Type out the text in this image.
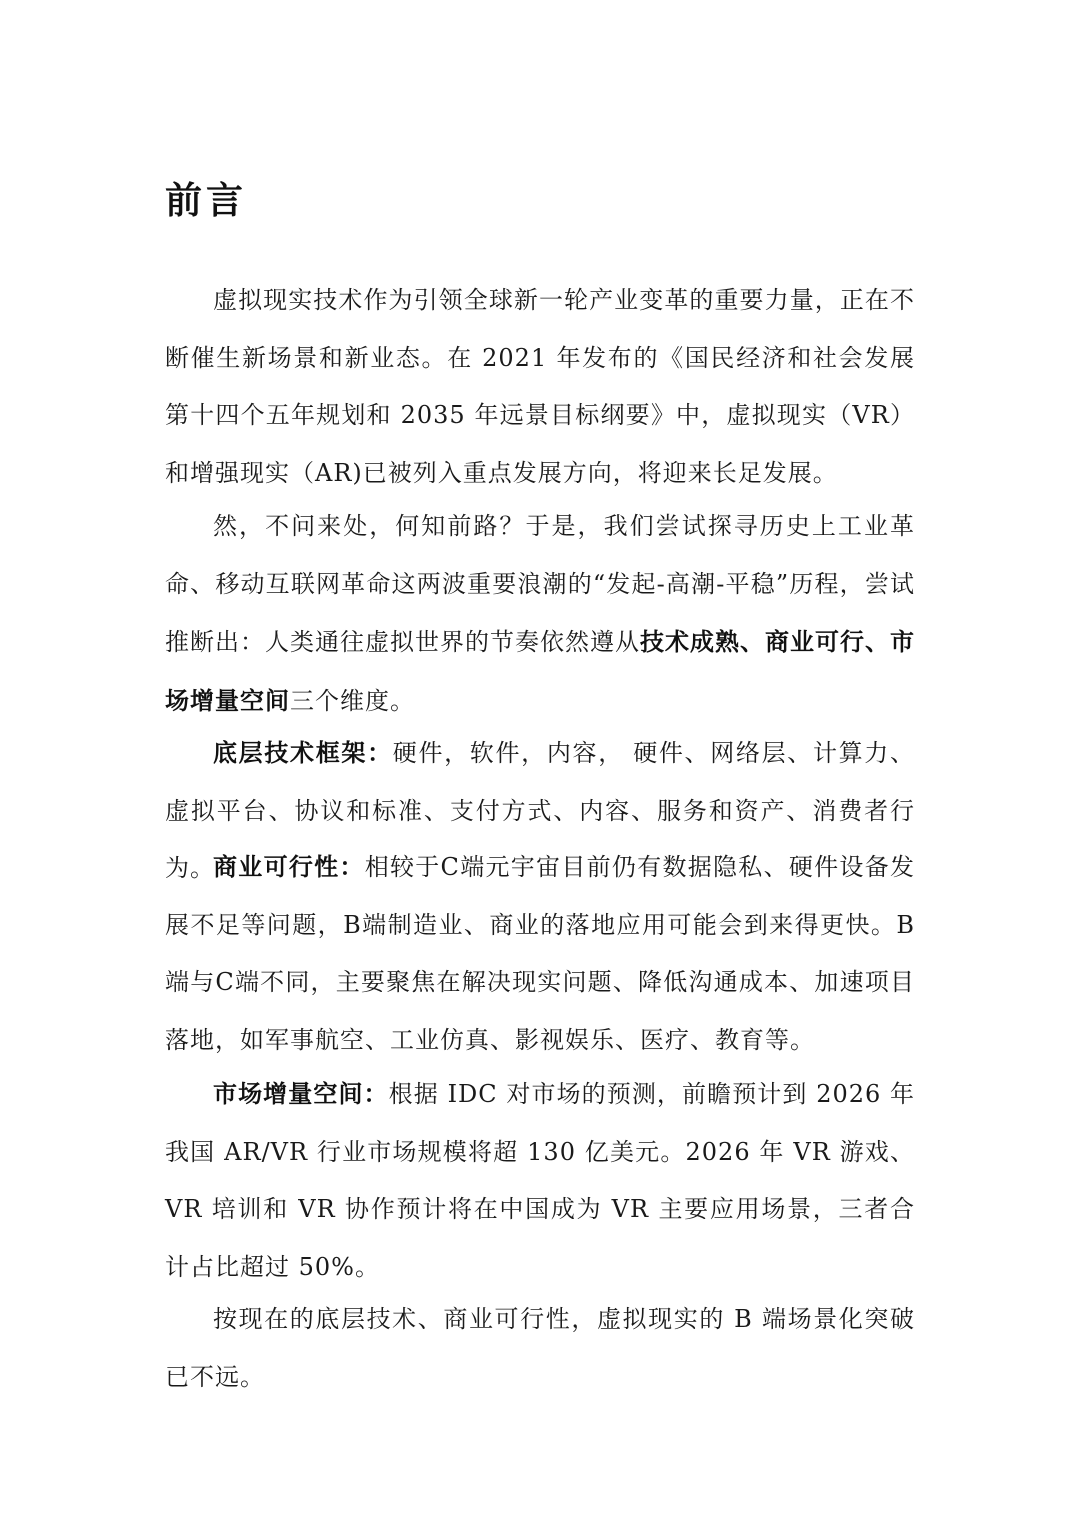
前言

虚拟现实技术作为引领全球新一轮产业变革的重要力量，正在不断催生新场景和新业态。在 2021 年发布的《国民经济和社会发展第十四个五年规划和 2035 年远景目标纲要》中，虚拟现实（VR）和增强现实（AR)已被列入重点发展方向，将迎来长足发展。

然，不问来处，何知前路？于是，我们尝试探寻历史上工业革命、移动互联网革命这两波重要浪潮的“发起-高潮-平稳”历程，尝试推断出：人类通往虚拟世界的节奏依然遵从技术成熟、商业可行、市场增量空间三个维度。

底层技术框架：硬件，软件，内容， 硬件、网络层、计算力、虚拟平台、协议和标准、支付方式、内容、服务和资产、消费者行为。

商业可行性：相较于C端元宇宙目前仍有数据隐私、硬件设备发展不足等问题，B端制造业、商业的落地应用可能会到来得更快。B端与C端不同，主要聚焦在解决现实问题、降低沟通成本、加速项目落地，如军事航空、工业仿真、影视娱乐、医疗、教育等。

市场增量空间：根据 IDC 对市场的预测，前瞻预计到 2026 年我国 AR/VR 行业市场规模将超 130 亿美元。2026 年 VR 游戏、VR 培训和 VR 协作预计将在中国成为 VR 主要应用场景，三者合计占比超过 50%。

按现在的底层技术、商业可行性，虚拟现实的 B 端场景化突破已不远。
